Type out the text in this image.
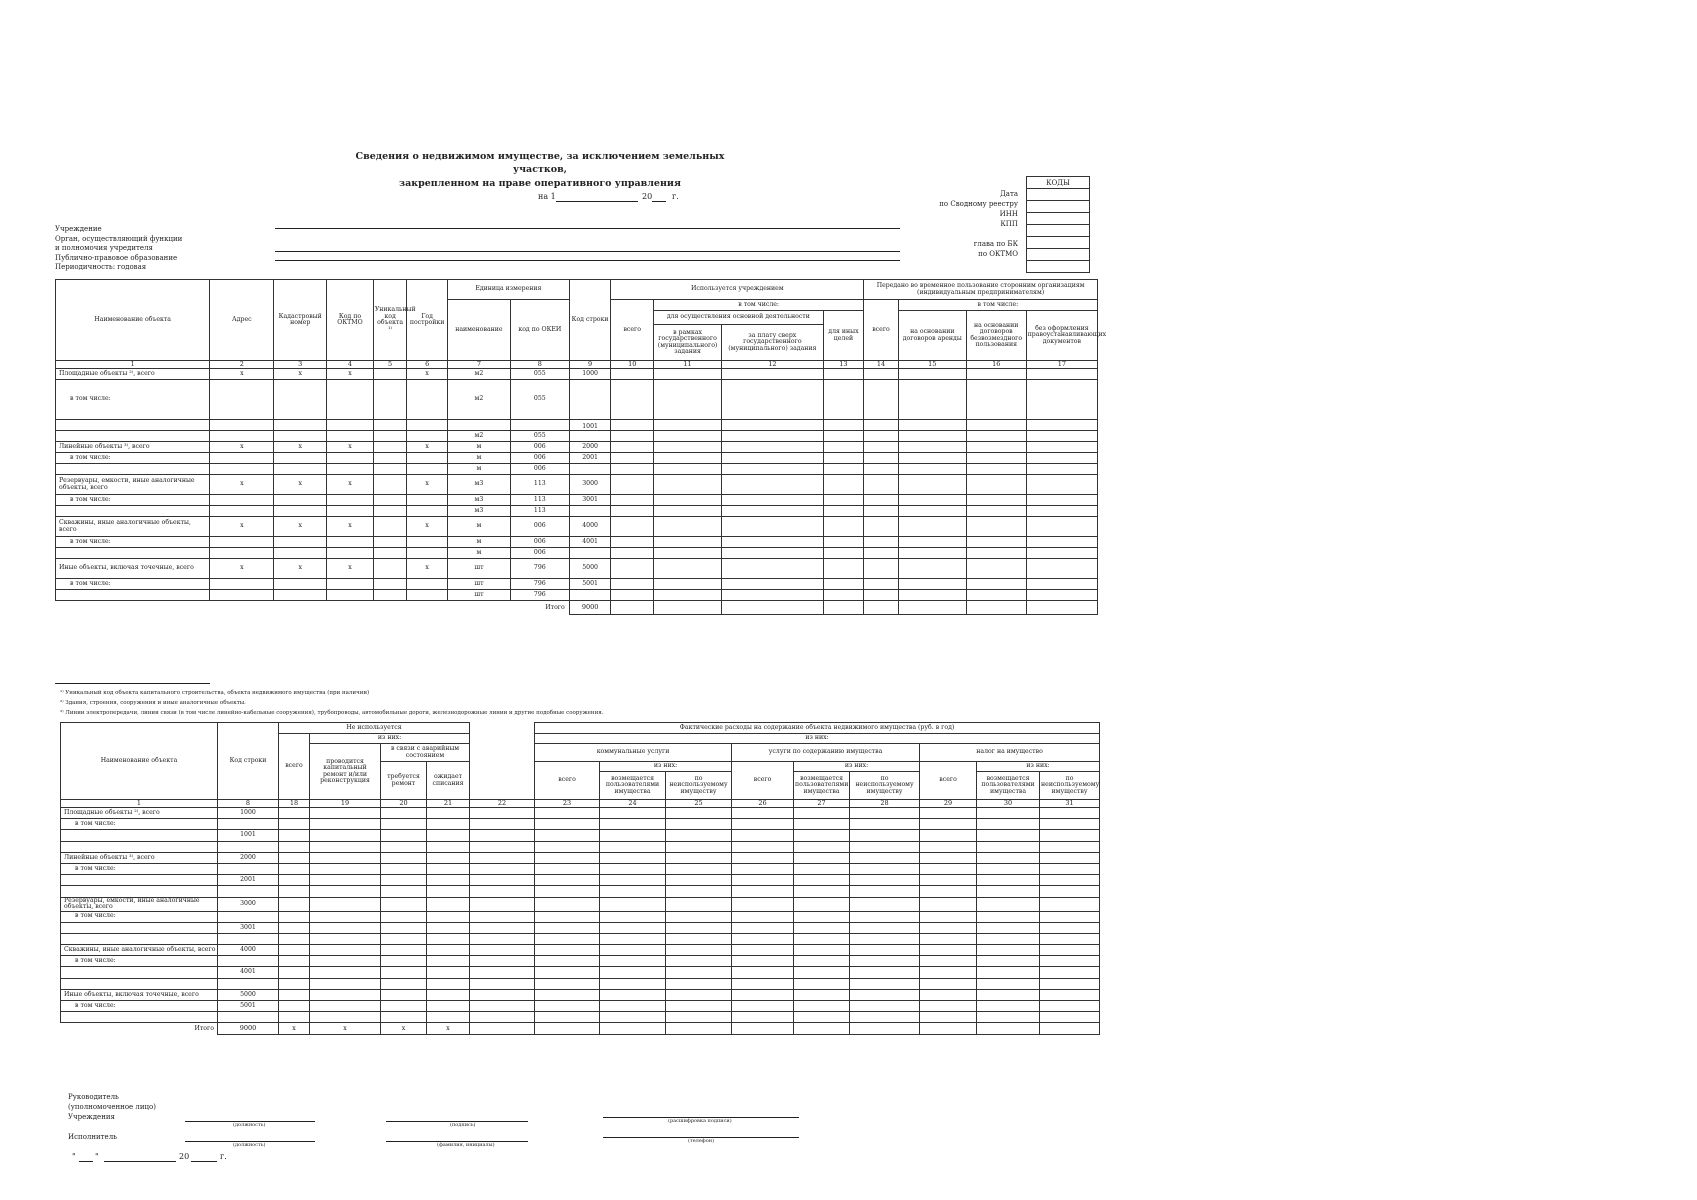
Сведения о недвижимом имуществе, за исключением земельных участков,
закрепленном на праве оперативного управления
на 1	20 г.
КОДЫ

Дата
по Сводному реестру
ИНН
КПП
глава по БК
по ОКТМО
Учреждение
Орган, осуществляющий функции
и полномочия учредителя
Публично-правовое образование
Периодичность: годовая
Наименование объекта	Адрес	Кадастровый номер	Код по ОКТМО	Уникальный код объекта ¹⁾	Год постройки	Единица измерения		Код строки	Используется учреждением				Передано во временное пользование сторонним организациям (индивидуальным предпринимателям)			
						наименование	код по ОКЕИ		всего	в том числе:			всего	в том числе:		
										для осуществления основной деятельности		для иных целей		на основании договоров аренды	на основании договоров безвозмездного пользования	без оформления правоустанавливающих документов
										в рамках государственного (муниципального) задания	за плату сверх государственного (муниципального) задания					
1	2	3	4	5	6	7	8	9	10	11	12	13	14	15	16	17
Площадные объекты ²⁾, всего	x	x	x		x	м2	055	1000								
в том числе:						м2	055									
								1001								
						м2	055									
Линейные объекты ³⁾, всего	x	x	x		x	м	006	2000								
в том числе:						м	006	2001								
						м	006									
Резервуары, емкости, иные аналогичные объекты, всего	x	x	x		x	м3	113	3000								
в том числе:						м3	113	3001								
						м3	113									
Скважины, иные аналогичные объекты, всего	x	x	x		x	м	006	4000								
в том числе:						м	006	4001								
						м	006									
Иные объекты, включая точечные, всего	x	x	x		x	шт	796	5000								
в том числе:						шт	796	5001								
						шт	796									
Итого								9000								
¹⁾ Уникальный код объекта капитального строительства, объекта недвижимого имущества (при наличии)
²⁾ Здания, строения, сооружения и иные аналогичные объекты.
³⁾ Линии электропередачи, линии связи (в том числе линейно-кабельные сооружения), трубопроводы, автомобильные дороги, железнодорожные линии и другие подобные сооружения.
Наименование объекта	Код строки	Не используется					Фактические расходы на содержание объекта недвижимого имущества (руб. в год)								
		всего	из них:				из них:								
			проводится капитальный ремонт и/или реконструкция	в связи с аварийным состоянием			коммунальные услуги			услуги по содержанию имущества			налог на имущество		
				требуется ремонт	ожидает списания		всего	из них:		всего	из них:		всего	из них:	
								возмещается пользователями имущества	по неиспользуемому имуществу		возмещается пользователями имущества	по неиспользуемому имуществу		возмещается пользователями имущества	по неиспользуемому имуществу
1	8	18	19	20	21	22	23	24	25	26	27	28	29	30	31
Площадные объекты ²⁾, всего	1000														
в том числе:															
	1001														

Линейные объекты ³⁾, всего	2000														
в том числе:															
	2001														

Резервуары, емкости, иные аналогичные объекты, всего	3000														
в том числе:															
	3001														

Скважины, иные аналогичные объекты, всего	4000														
в том числе:															
	4001														

Иные объекты, включая точечные, всего	5000														
в том числе:	5001														

Итого	9000	x	x	x	x										
Руководитель
(уполномоченное лицо)
Учреждения
(должность)	(подпись)
(расшифровка подписи)
Исполнитель
(должность)	(фамилия, инициалы)
(телефон)
" "	20	г.
